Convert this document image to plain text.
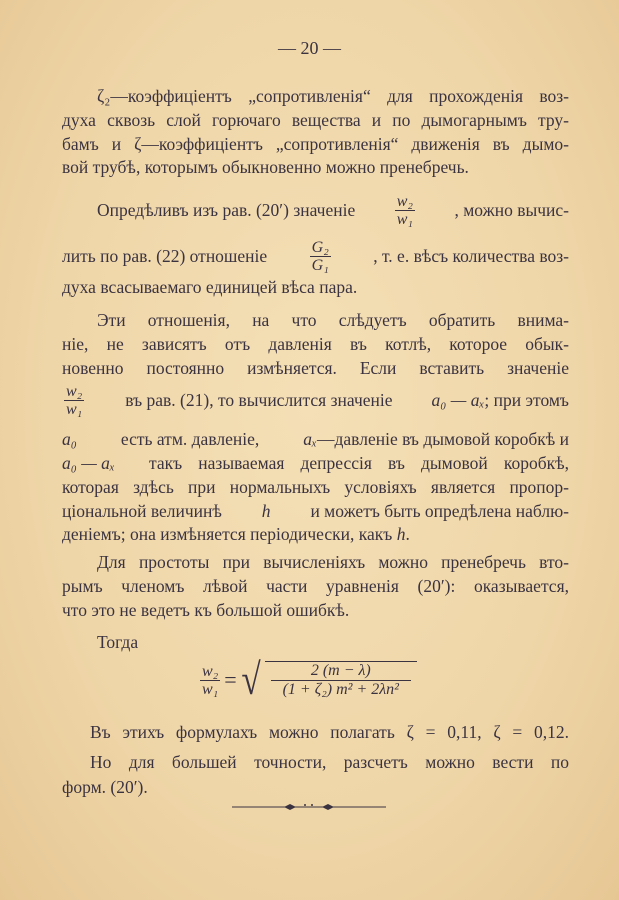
— 20 —
ζ₂—коэффиціентъ „сопротивленія“ для прохожденія воз-
духа сквозь слой горючаго вещества и по дымогарнымъ тру-
бамъ и ζ—коэффиціентъ „сопротивленія“ движенія въ дымо-
вой трубѣ, которымъ обыкновенно можно пренебречь.
Опредѣливъ изъ рав. (20′) значеніе $\frac{\text{w₂}}{\text{w₁}}$ , можно вычис-
лить по рав. (22) отношеніе	$\frac{\text{G₂}}{\text{G₁}}$ , т. е. вѣсъ количества воз-
духа всасываемаго единицей вѣса пара.
Эти отношенія, на что слѣдуетъ обратить внима-
ніе, не зависятъ отъ давленія въ котлѣ, которое обык-
новенно постоянно измѣняется. Если вставить значеніе
$\frac{\text{w₂}}{\text{w₁}}$ въ рав. (21), то вычислится значеніе a₀ — aₓ; при этомъ
a₀	есть атм. давленіе,	aₓ—давленіе въ дымовой коробкѣ и
a₀ — aₓ такъ называемая депрессія въ дымовой коробкѣ,
которая здѣсь при нормальныхъ условіяхъ является пропор-
ціональной величинѣ h и можетъ быть опредѣлена наблю-
деніемъ; она измѣняется періодически, какъ h.
Для простоты при вычисленіяхъ можно пренебречь вто-
рымъ членомъ лѣвой части уравненія (20′): оказывается,
что это не ведетъ къ большой ошибкѣ.
Тогда
$\frac{\text{w₂}}{\text{w₁}}$ = √ $\frac{2 (m - \lambda)}{\text{(1 + ζ₂) m² + 2λn²}}$
Въ этихъ формулахъ можно полагать ζ = 0,11, ζ = 0,12.
Но для большей точности, разсчетъ можно вести по
форм. (20′).
